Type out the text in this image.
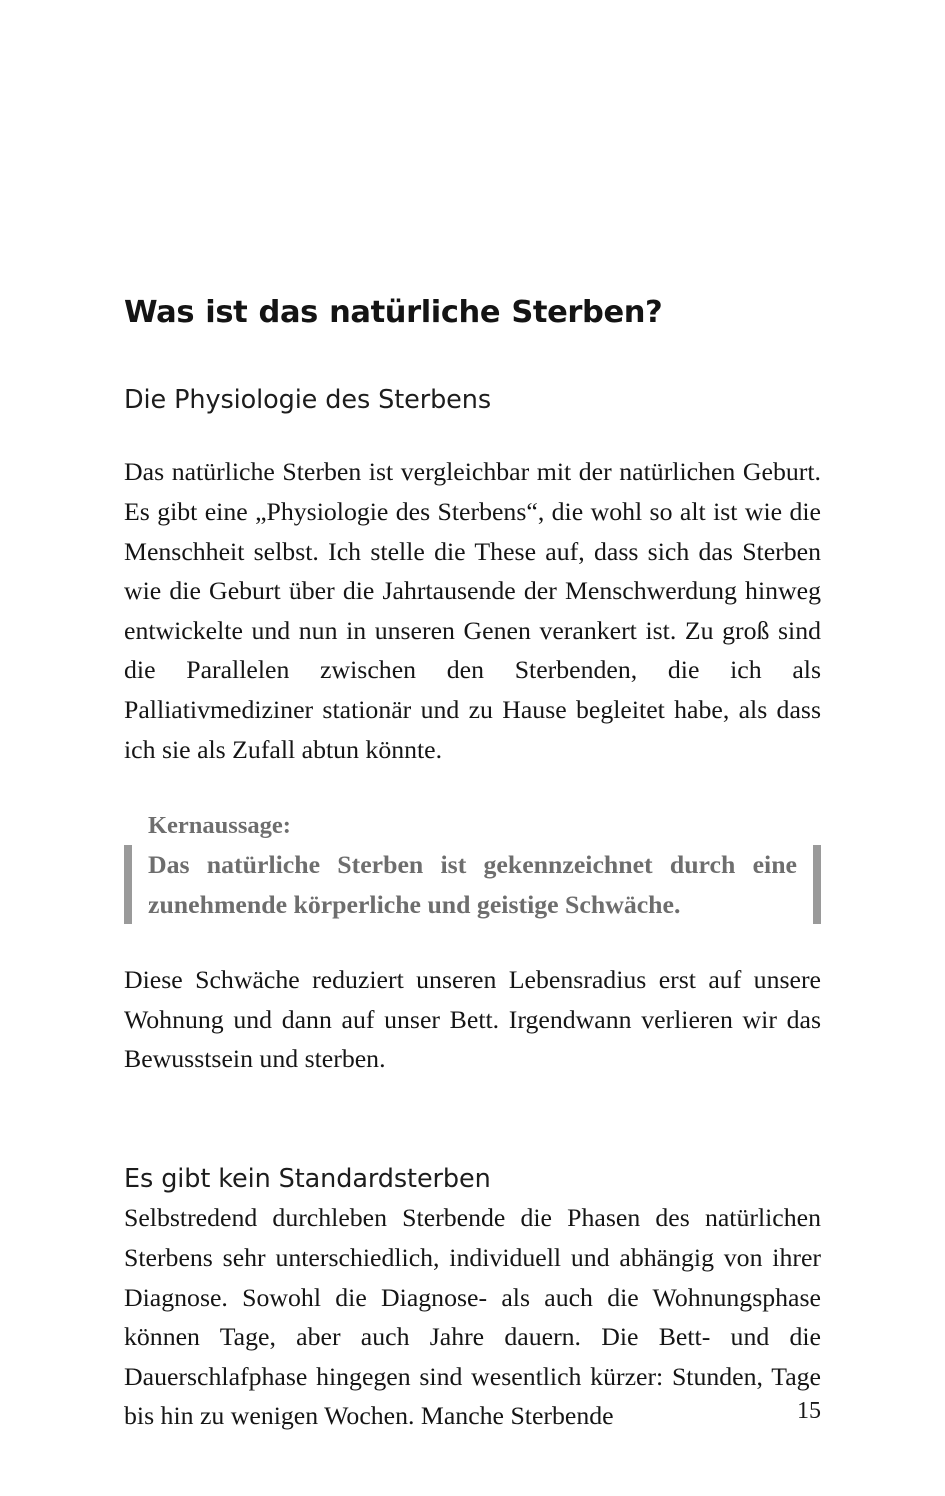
Was ist das natürliche Sterben?
Die Physiologie des Sterbens

Das natürliche Sterben ist vergleichbar mit der natürlichen Geburt. Es gibt eine „Physiologie des Sterbens“, die wohl so alt ist wie die Menschheit selbst. Ich stelle die These auf, dass sich das Sterben wie die Geburt über die Jahrtausende der Menschwerdung hinweg entwickelte und nun in unseren Genen verankert ist. Zu groß sind die Parallelen zwischen den Sterbenden, die ich als Palliativmediziner stationär und zu Hause begleitet habe, als dass ich sie als Zufall abtun könnte.

Kernaussage:

Das natürliche Sterben ist gekennzeichnet durch eine zunehmende körperliche und geistige Schwäche.

Diese Schwäche reduziert unseren Lebensradius erst auf unsere Wohnung und dann auf unser Bett. Irgendwann verlieren wir das Bewusstsein und sterben.

Es gibt kein Standardsterben

Selbstredend durchleben Sterbende die Phasen des natürlichen Sterbens sehr unterschiedlich, individuell und abhängig von ihrer Diagnose. Sowohl die Diagnose- als auch die Wohnungsphase können Tage, aber auch Jahre dauern. Die Bett- und die Dauerschlafphase hingegen sind wesentlich kürzer: Stunden, Tage bis hin zu wenigen Wochen. Manche Sterbende	15
